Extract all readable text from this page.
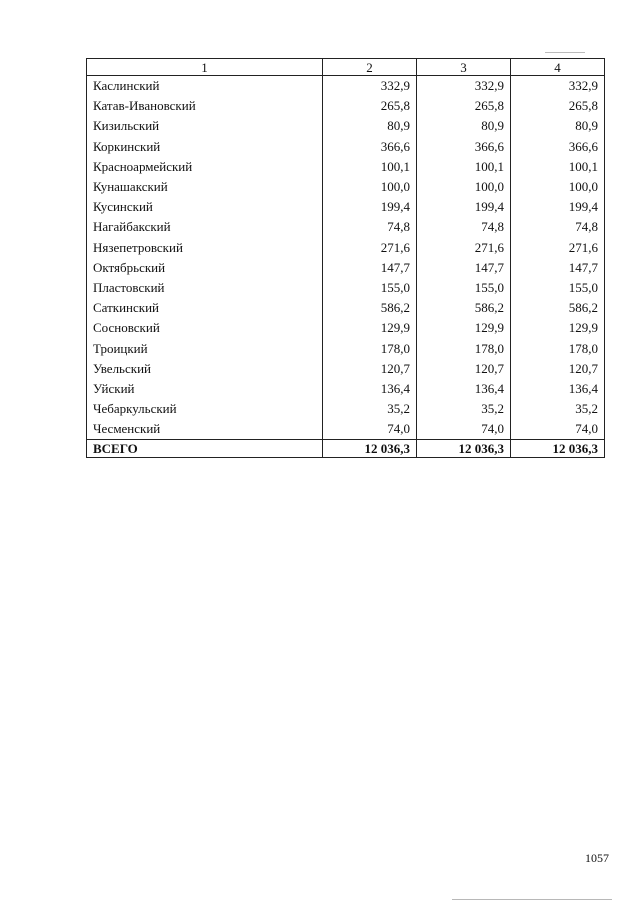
1	2	3	4
Каслинский	332,9	332,9	332,9
Катав-Ивановский	265,8	265,8	265,8
Кизильский	80,9	80,9	80,9
Коркинский	366,6	366,6	366,6
Красноармейский	100,1	100,1	100,1
Кунашакский	100,0	100,0	100,0
Кусинский	199,4	199,4	199,4
Нагайбакский	74,8	74,8	74,8
Нязепетровский	271,6	271,6	271,6
Октябрьский	147,7	147,7	147,7
Пластовский	155,0	155,0	155,0
Саткинский	586,2	586,2	586,2
Сосновский	129,9	129,9	129,9
Троицкий	178,0	178,0	178,0
Увельский	120,7	120,7	120,7
Уйский	136,4	136,4	136,4
Чебаркульский	35,2	35,2	35,2
Чесменский	74,0	74,0	74,0
ВСЕГО	12 036,3	12 036,3	12 036,3
1057
